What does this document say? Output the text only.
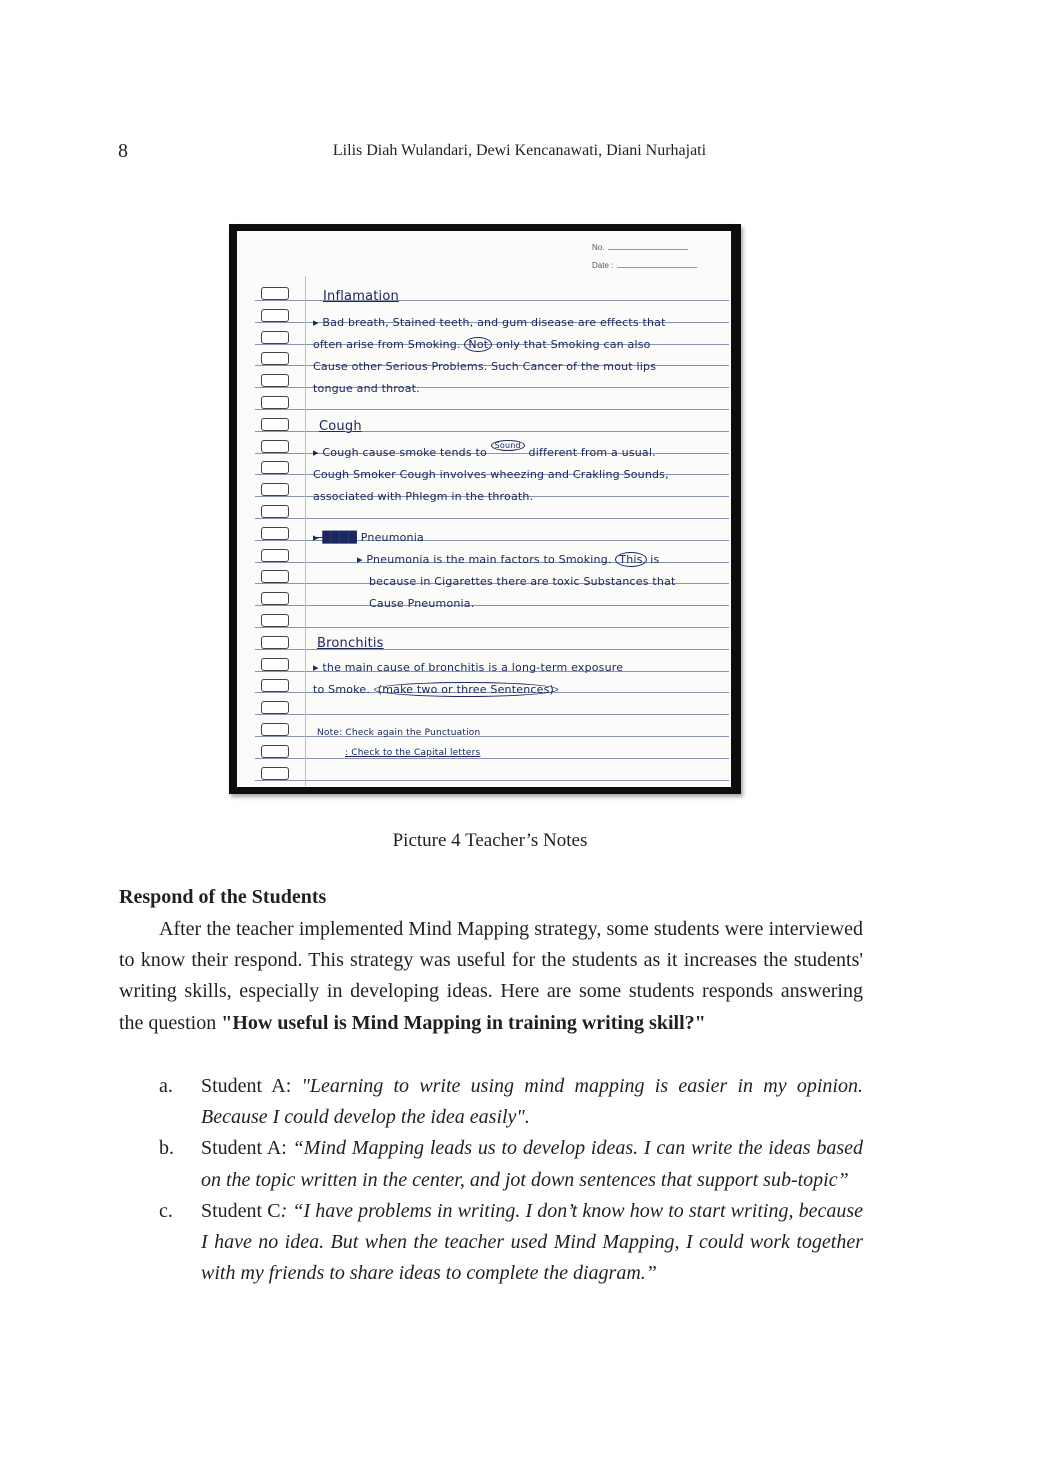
8	Lilis Diah Wulandari, Dewi Kencanawati, Diani Nurhajati
No.
Date :
Inflamation
▸ Bad breath, Stained teeth, and gum disease are effects that
often arise from Smoking. Not only that Smoking can also
Cause other Serious Problems. Such Cancer of the mout lips
tongue and throat.
Cough
▸ Cough cause smoke tends to $^{Sound}$ different from a usual.
Cough Smoker Cough involves wheezing and Crakling Sounds,
associated with Phlegm in the throath.
▸ ████ Pneumonia
▸ Pneumonia is the main factors to Smoking. This is
because in Cigarettes there are toxic Substances that
Cause Pneumonia.
Bronchitis
▸ the main cause of bronchitis is a long-term exposure
to Smoke. (make two or three Sentences)
Note: Check again the Punctuation
: Check to the Capital letters
Picture 4 Teacher’s Notes
Respond of the Students

After the teacher implemented Mind Mapping strategy, some students were interviewed to know their respond. This strategy was useful for the students as it increases the students' writing skills, especially in developing ideas. Here are some students responds answering the question "How useful is Mind Mapping in training writing skill?"

a. Student A: "Learning to write using mind mapping is easier in my opinion. Because I could develop the idea easily".
b. Student A: “Mind Mapping leads us to develop ideas. I can write the ideas based on the topic written in the center, and jot down sentences that support sub-topic”
c. Student C: “I have problems in writing. I don’t know how to start writing, because I have no idea. But when the teacher used Mind Mapping, I could work together with my friends to share ideas to complete the diagram.”
